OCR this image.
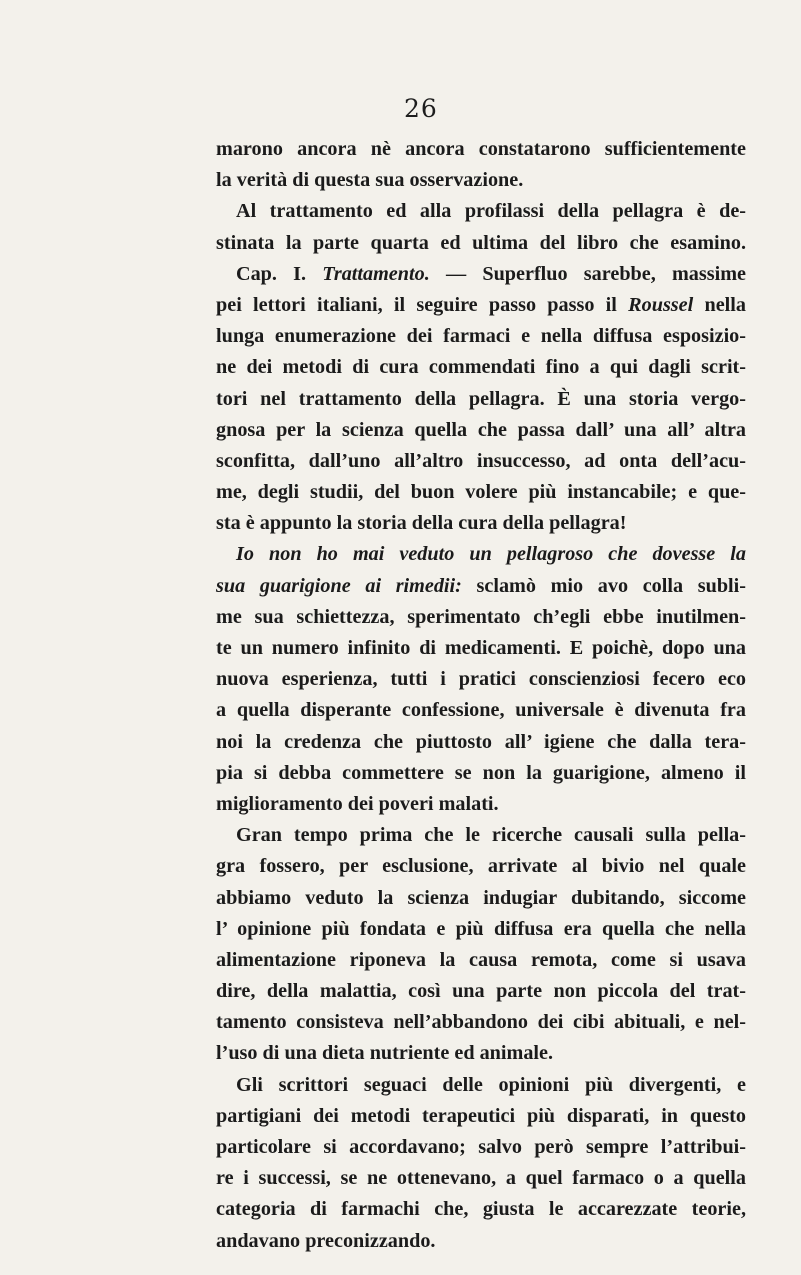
26
marono ancora nè ancora constatarono sufficientemente
la verità di questa sua osservazione.
Al trattamento ed alla profilassi della pellagra è de-
stinata la parte quarta ed ultima del libro che esamino.
Cap. I. Trattamento. — Superfluo sarebbe, massime
pei lettori italiani, il seguire passo passo il Roussel nella
lunga enumerazione dei farmaci e nella diffusa esposizio-
ne dei metodi di cura commendati fino a qui dagli scrit-
tori nel trattamento della pellagra. È una storia vergo-
gnosa per la scienza quella che passa dall’ una all’ altra
sconfitta, dall’uno all’altro insuccesso, ad onta dell’acu-
me, degli studii, del buon volere più instancabile; e que-
sta è appunto la storia della cura della pellagra!
Io non ho mai veduto un pellagroso che dovesse la
sua guarigione ai rimedii: sclamò mio avo colla subli-
me sua schiettezza, sperimentato ch’egli ebbe inutilmen-
te un numero infinito di medicamenti. E poichè, dopo una
nuova esperienza, tutti i pratici conscienziosi fecero eco
a quella disperante confessione, universale è divenuta fra
noi la credenza che piuttosto all’ igiene che dalla tera-
pia si debba commettere se non la guarigione, almeno il
miglioramento dei poveri malati.
Gran tempo prima che le ricerche causali sulla pella-
gra fossero, per esclusione, arrivate al bivio nel quale
abbiamo veduto la scienza indugiar dubitando, siccome
l’ opinione più fondata e più diffusa era quella che nella
alimentazione riponeva la causa remota, come si usava
dire, della malattia, così una parte non piccola del trat-
tamento consisteva nell’abbandono dei cibi abituali, e nel-
l’uso di una dieta nutriente ed animale.
Gli scrittori seguaci delle opinioni più divergenti, e
partigiani dei metodi terapeutici più disparati, in questo
particolare si accordavano; salvo però sempre l’attribui-
re i successi, se ne ottenevano, a quel farmaco o a quella
categoria di farmachi che, giusta le accarezzate teorie,
andavano preconizzando.
